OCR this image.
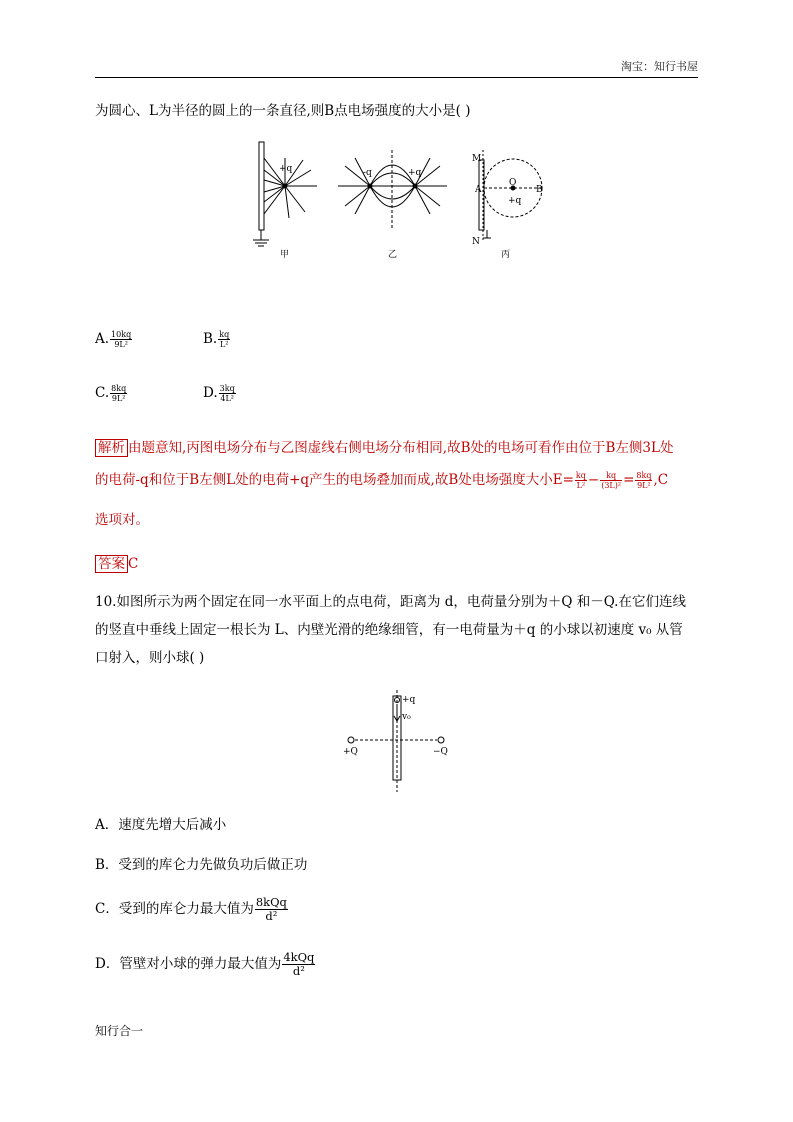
淘宝：知行书屋
为圆心、L为半径的圆上的一条直径,则B点电场强度的大小是( )
+q	-q	+q
M
N
A
O
+q
B
甲	乙	丙
A. $\frac{10kq}{\text{9L²}}$	B. $\frac{kq}{\text{L²}}$
C. $\frac{8kq}{\text{9L²}}$	D. $\frac{3kq}{\text{4L²}}$
解析 由题意知,丙图电场分布与乙图虚线右侧电场分布相同,故B处的电场可看作由位于B左侧3L处
的电荷-q和位于B左侧L处的电荷+q产生的电场叠加而成,故B处电场强度大小$E= \frac{kq}{\text{L²}} - \frac{kq}{\text{(3L)²}} = \frac{8kq}{\text{9L²}} ,C$
选项对。
答案 C
10.如图所示为两个固定在同一水平面上的点电荷，距离为 d，电荷量分别为＋Q 和－Q.在它们连线
的竖直中垂线上固定一根长为 L、内壁光滑的绝缘细管，有一电荷量为＋q 的小球以初速度 v₀ 从管
口射入，则小球( )
+q
v₀
+Q	−Q
A．速度先增大后减小
B．受到的库仑力先做负功后做正功
C．受到的库仑力最大值为 $\frac{\text{8kQq}}{\text{d²}}$
D．管壁对小球的弹力最大值为 $\frac{\text{4kQq}}{\text{d²}}$
知行合一
